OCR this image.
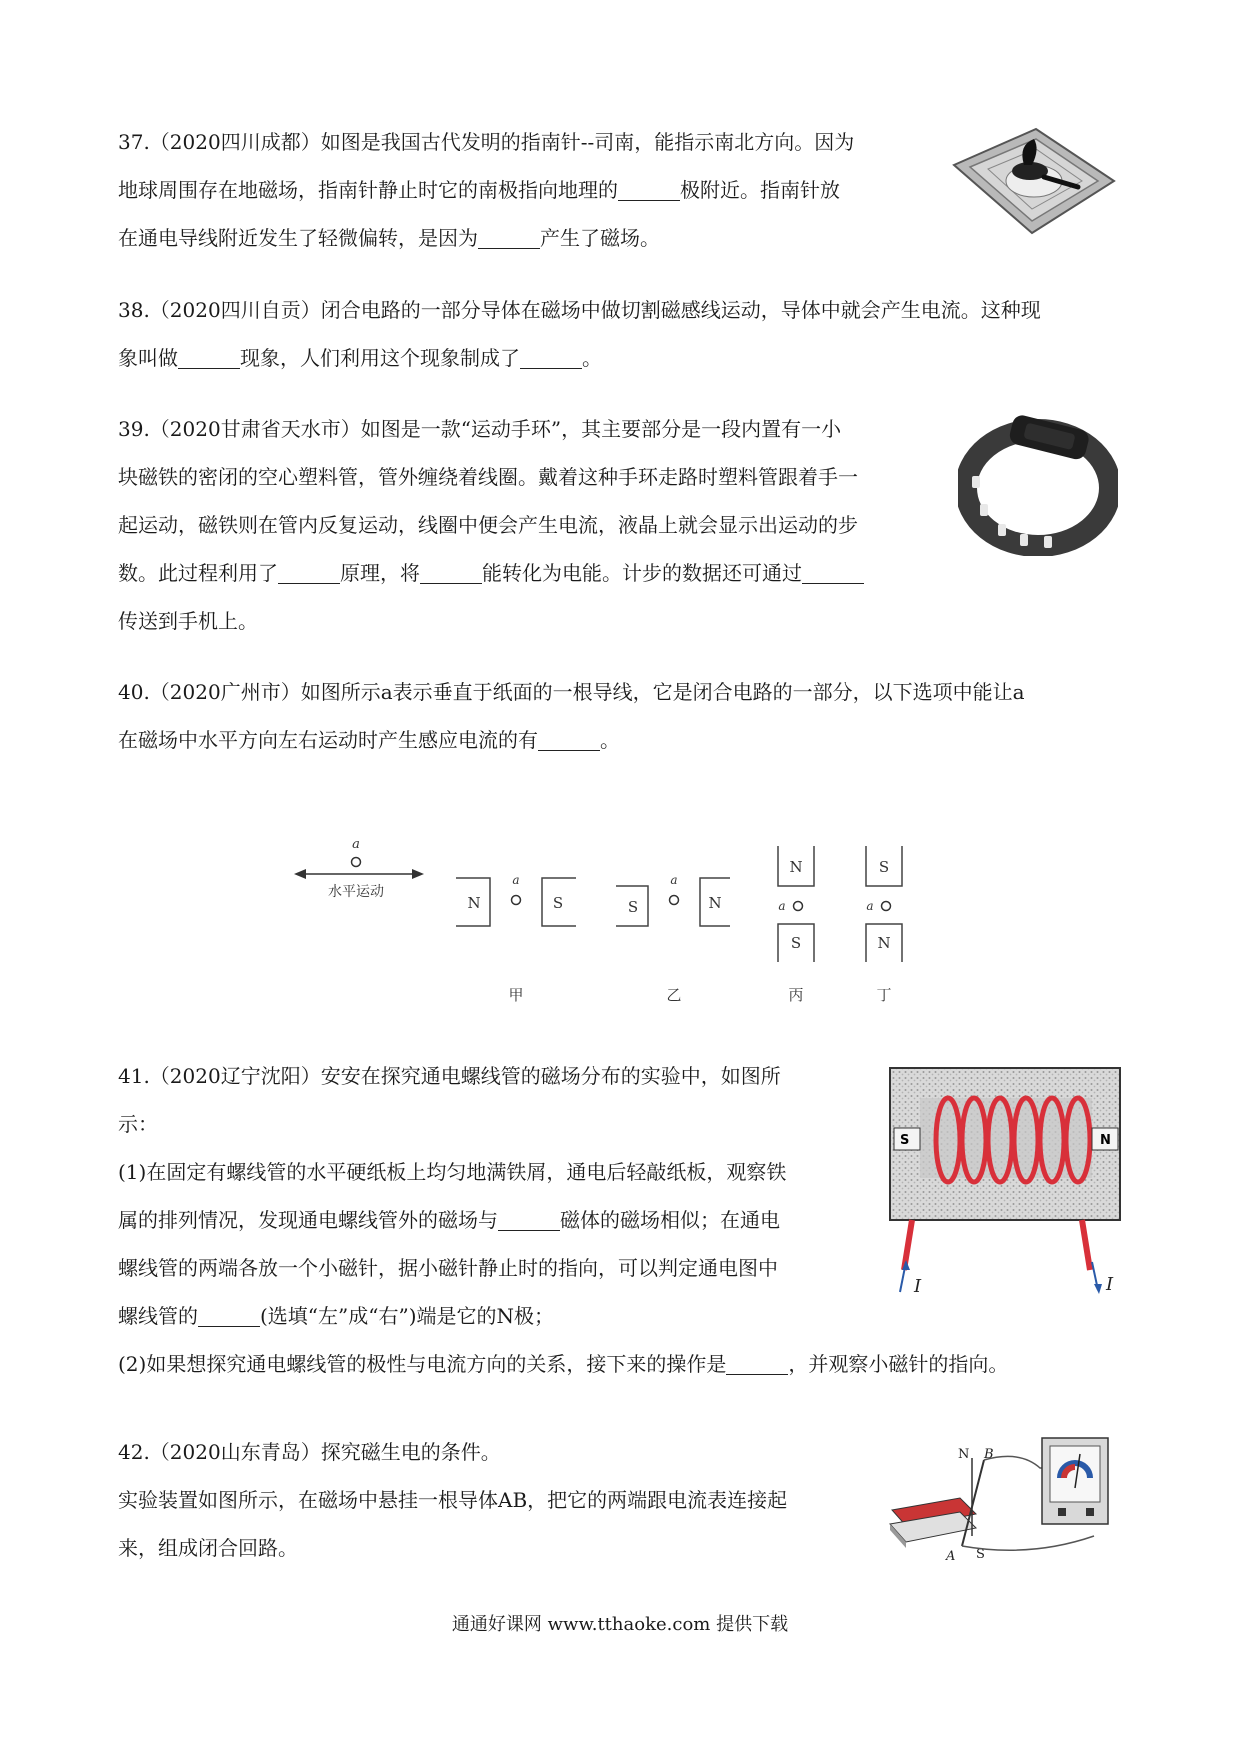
37.（2020四川成都）如图是我国古代发明的指南针--司南，能指示南北方向。因为

地球周围存在地磁场，指南针静止时它的南极指向地理的	极附近。指南针放

在通电导线附近发生了轻微偏转，是因为	产生了磁场。

38.（2020四川自贡）闭合电路的一部分导体在磁场中做切割磁感线运动，导体中就会产生电流。这种现

象叫做	现象，人们利用这个现象制成了	。

39.（2020甘肃省天水市）如图是一款“运动手环”，其主要部分是一段内置有一小

块磁铁的密闭的空心塑料管，管外缠绕着线圈。戴着这种手环走路时塑料管跟着手一

起运动，磁铁则在管内反复运动，线圈中便会产生电流，液晶上就会显示出运动的步

数。此过程利用了	原理，将	能转化为电能。计步的数据还可通过

传送到手机上。

40.（2020广州市）如图所示a表示垂直于纸面的一根导线，它是闭合电路的一部分，以下选项中能让a

在磁场中水平方向左右运动时产生感应电流的有	。

a
水平运动
N
a
S
甲
S
a
N
乙
N
a
S
丙
S
a
N
丁

41.（2020辽宁沈阳）安安在探究通电螺线管的磁场分布的实验中，如图所

示：

(1)在固定有螺线管的水平硬纸板上均匀地满铁屑，通电后轻敲纸板，观察铁

属的排列情况，发现通电螺线管外的磁场与	磁体的磁场相似；在通电

螺线管的两端各放一个小磁针，据小磁针静止时的指向，可以判定通电图中

螺线管的	(选填“左”成“右”)端是它的N极；

(2)如果想探究通电螺线管的极性与电流方向的关系，接下来的操作是	，并观察小磁针的指向。

S	N
I	I

42.（2020山东青岛）探究磁生电的条件。

实验装置如图所示，在磁场中悬挂一根导体AB，把它的两端跟电流表连接起

来，组成闭合回路。

N B
A S
通通好课网 www.tthaoke.com 提供下载
